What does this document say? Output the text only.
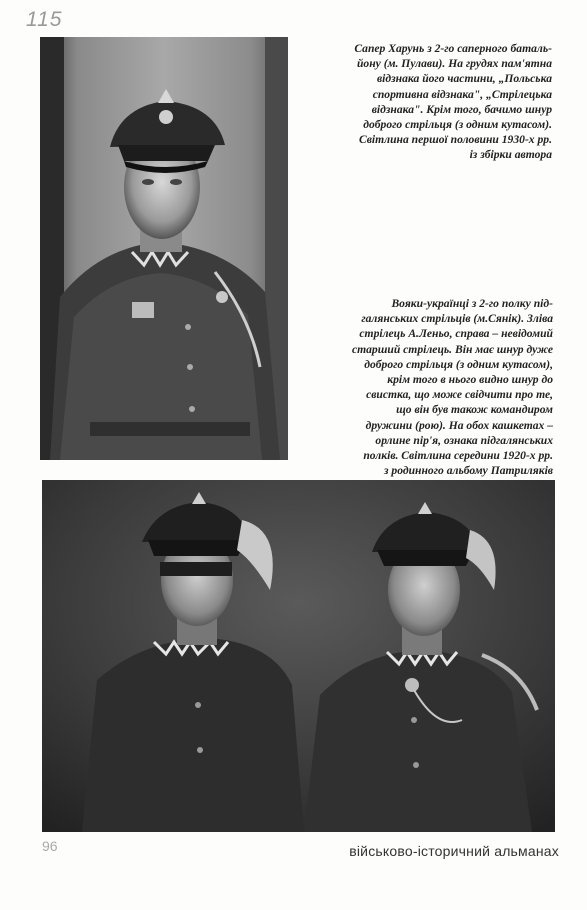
115
Сапер Харунь з 2-го саперного баталь-
йону (м. Пулави). На грудях пам'ятна
відзнака його частини, „Польська
спортивна відзнака", „Стрілецька
відзнака". Крім того, бачимо шнур
доброго стрільця (з одним кутасом).
Світлина першої половини 1930-х рр.
із збірки автора
Вояки-українці з 2-го полку під-
галянських стрільців (м.Сянік). Зліва
стрілець А.Леньо, справа – невідомий
старший стрілець. Він має шнур дуже
доброго стрільця (з одним кутасом),
крім того в нього видно шнур до
свистка, що може свідчити про те,
що він був також командиром
дружини (рою). На обох кашкетах –
орлине пір'я, ознака підгалянських
полків. Світлина середини 1920-х рр.
з родинного альбому Патриляків
96	військово-історичний альманах
